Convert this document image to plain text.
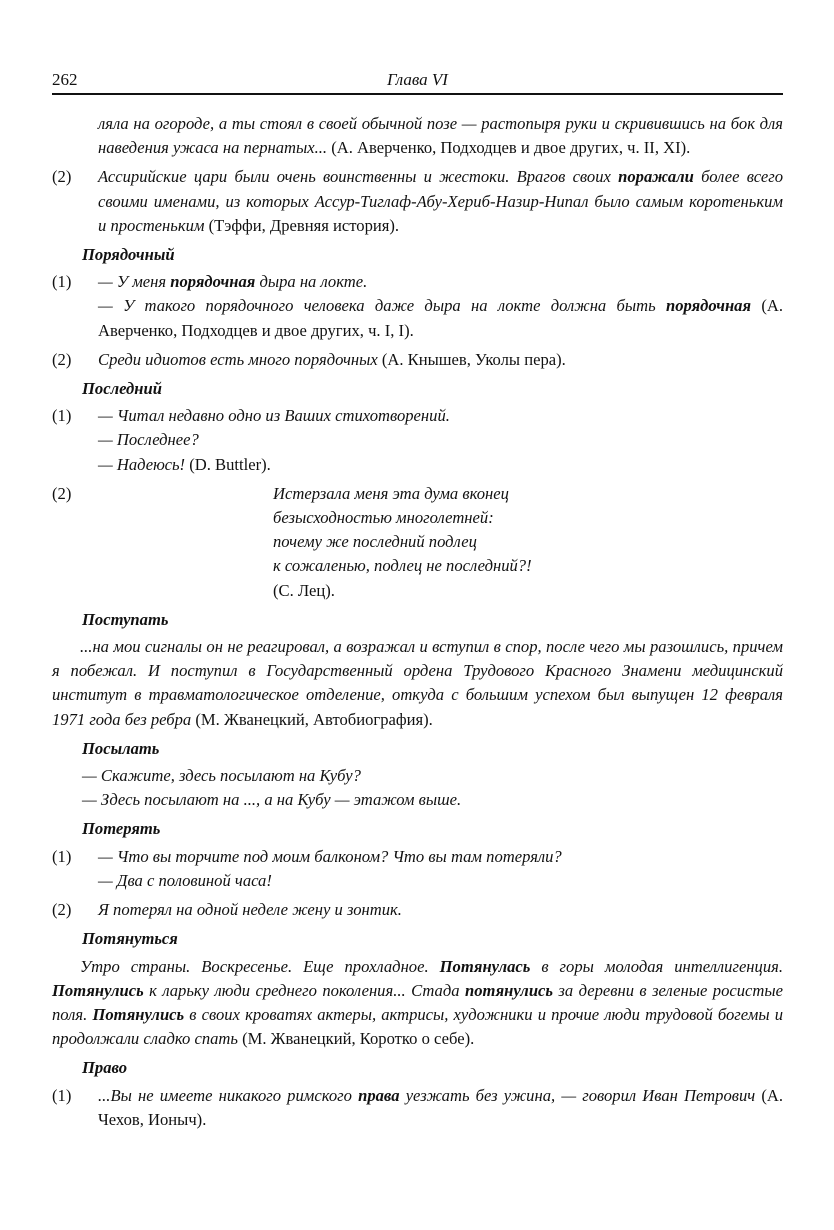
262	Глава VI

ляла на огороде, а ты стоял в своей обычной позе — растопыря руки и скривившись на бок для наведения ужаса на пернатых... (А. Аверченко, Подходцев и двое других, ч. II, XI).

(2) Ассирийские цари были очень воинственны и жестоки. Врагов своих поражали более всего своими именами, из которых Ассур-Тиглаф-Абу-Хериб-Назир-Нипал было самым коротеньким и простеньким (Тэффи, Древняя история).

Порядочный

(1) — У меня порядочная дыра на локте.
— У такого порядочного человека даже дыра на локте должна быть порядочная (А. Аверченко, Подходцев и двое других, ч. I, I).

(2) Среди идиотов есть много порядочных (А. Кнышев, Уколы пера).

Последний

(1) — Читал недавно одно из Ваших стихотворений.
— Последнее?
— Надеюсь! (D. Buttler).

(2)	Истерзала меня эта дума вконец
безысходностью многолетней:
почему же последний подлец
к сожаленью, подлец не последний?!
(С. Лец).
Поступать

...на мои сигналы он не реагировал, а возражал и вступил в спор, после чего мы разошлись, причем я побежал. И поступил в Государственный ордена Трудового Красного Знамени медицинский институт в травматологическое отделение, откуда с большим успехом был выпущен 12 февраля 1971 года без ребра (М. Жванецкий, Автобиография).

Посылать
— Скажите, здесь посылают на Кубу?
— Здесь посылают на ..., а на Кубу — этажом выше.
Потерять

(1) — Что вы торчите под моим балконом? Что вы там потеряли?
— Два с половиной часа!

(2) Я потерял на одной неделе жену и зонтик.

Потянуться

Утро страны. Воскресенье. Еще прохладное. Потянулась в горы молодая интеллигенция. Потянулись к ларьку люди среднего поколения... Стада потянулись за деревни в зеленые росистые поля. Потянулись в своих кроватях актеры, актрисы, художники и прочие люди трудовой богемы и продолжали сладко спать (М. Жванецкий, Коротко о себе).

Право

(1) ...Вы не имеете никакого римского права уезжать без ужина, — говорил Иван Петрович (А. Чехов, Ионыч).
